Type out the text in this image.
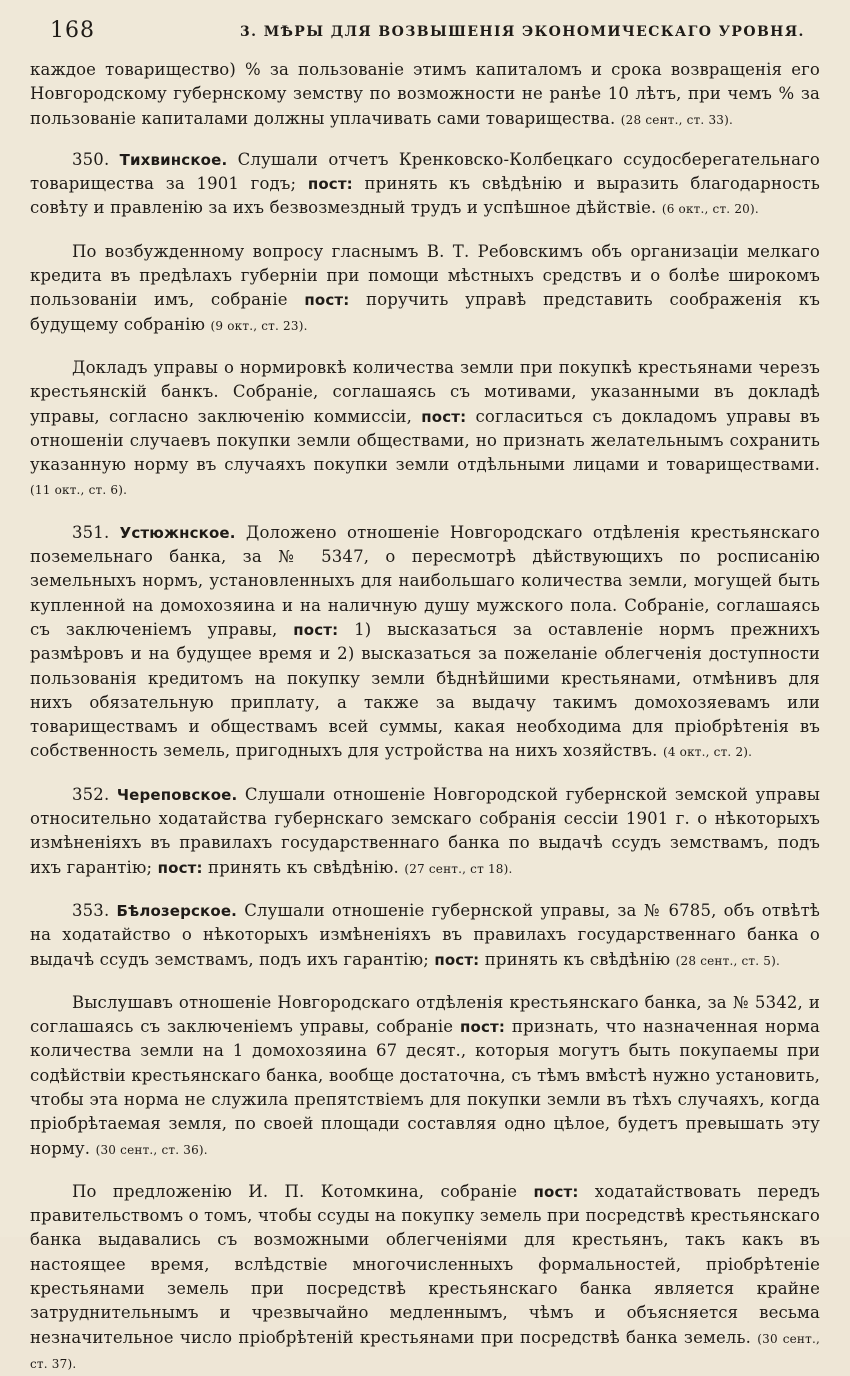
168	3. МѢРЫ ДЛЯ ВОЗВЫШЕНІЯ ЭКОНОМИЧЕСКАГО УРОВНЯ.

каждое товарищество) % за пользованіе этимъ капиталомъ и срока возвращенія его Новгородскому губернскому земству по возможности не ранѣе 10 лѣтъ, при чемъ % за пользованіе капиталами должны уплачивать сами товарищества. (28 сент., ст. 33).

350. Тихвинское. Слушали отчетъ Кренковско-Колбецкаго ссудосберегательнаго товарищества за 1901 годъ; пост: принять къ свѣдѣнію и выразить благодарность совѣту и правленію за ихъ безвозмездный трудъ и успѣшное дѣйствіе. (6 окт., ст. 20).

По возбужденному вопросу гласнымъ В. Т. Ребовскимъ объ организаціи мелкаго кредита въ предѣлахъ губерніи при помощи мѣстныхъ средствъ и о болѣе широкомъ пользованіи имъ, собраніе пост: поручить управѣ представить соображенія къ будущему собранію (9 окт., ст. 23).

Докладъ управы о нормировкѣ количества земли при покупкѣ крестьянами черезъ крестьянскій банкъ. Собраніе, соглашаясь съ мотивами, указанными въ докладѣ управы, согласно заключенію коммиссіи, пост: согласиться съ докладомъ управы въ отношеніи случаевъ покупки земли обществами, но признать желательнымъ сохранить указанную норму въ случаяхъ покупки земли отдѣльными лицами и товариществами. (11 окт., ст. 6).

351. Устюжнское. Доложено отношеніе Новгородскаго отдѣленія крестьянскаго поземельнаго банка, за № 5347, о пересмотрѣ дѣйствующихъ по росписанію земельныхъ нормъ, установленныхъ для наибольшаго количества земли, могущей быть купленной на домохозяина и на наличную душу мужского пола. Собраніе, соглашаясь съ заключеніемъ управы, пост: 1) высказаться за оставленіе нормъ прежнихъ размѣровъ и на будущее время и 2) высказаться за пожеланіе облегченія доступности пользованія кредитомъ на покупку земли бѣднѣйшими крестьянами, отмѣнивъ для нихъ обязательную приплату, а также за выдачу такимъ домохозяевамъ или товариществамъ и обществамъ всей суммы, какая необходима для пріобрѣтенія въ собственность земель, пригодныхъ для устройства на нихъ хозяйствъ. (4 окт., ст. 2).

352. Череповское. Слушали отношеніе Новгородской губернской земской управы относительно ходатайства губернскаго земскаго собранія сессіи 1901 г. о нѣкоторыхъ измѣненіяхъ въ правилахъ государственнаго банка по выдачѣ ссудъ земствамъ, подъ ихъ гарантію; пост: принять къ свѣдѣнію. (27 сент., ст 18).

353. Бѣлозерское. Слушали отношеніе губернской управы, за № 6785, объ отвѣтѣ на ходатайство о нѣкоторыхъ измѣненіяхъ въ правилахъ государственнаго банка о выдачѣ ссудъ земствамъ, подъ ихъ гарантію; пост: принять къ свѣдѣнію (28 сент., ст. 5).

Выслушавъ отношеніе Новгородскаго отдѣленія крестьянскаго банка, за № 5342, и соглашаясь съ заключеніемъ управы, собраніе пост: признать, что назначенная норма количества земли на 1 домохозяина 67 десят., которыя могутъ быть покупаемы при содѣйствіи крестьянскаго банка, вообще достаточна, съ тѣмъ вмѣстѣ нужно установить, чтобы эта норма не служила препятствіемъ для покупки земли въ тѣхъ случаяхъ, когда пріобрѣтаемая земля, по своей площади составляя одно цѣлое, будетъ превышать эту норму. (30 сент., ст. 36).

По предложенію И. П. Котомкина, собраніе пост: ходатайствовать передъ правительствомъ о томъ, чтобы ссуды на покупку земель при посредствѣ крестьянскаго банка выдавались съ возможными облегченіями для крестьянъ, такъ какъ въ настоящее время, вслѣдствіе многочисленныхъ формальностей, пріобрѣтеніе крестьянами земель при посредствѣ крестьянскаго банка является крайне затруднительнымъ и чрезвычайно медленнымъ, чѣмъ и объясняется весьма незначительное число пріобрѣтеній крестьянами при посредствѣ банка земель. (30 сент., ст. 37).
